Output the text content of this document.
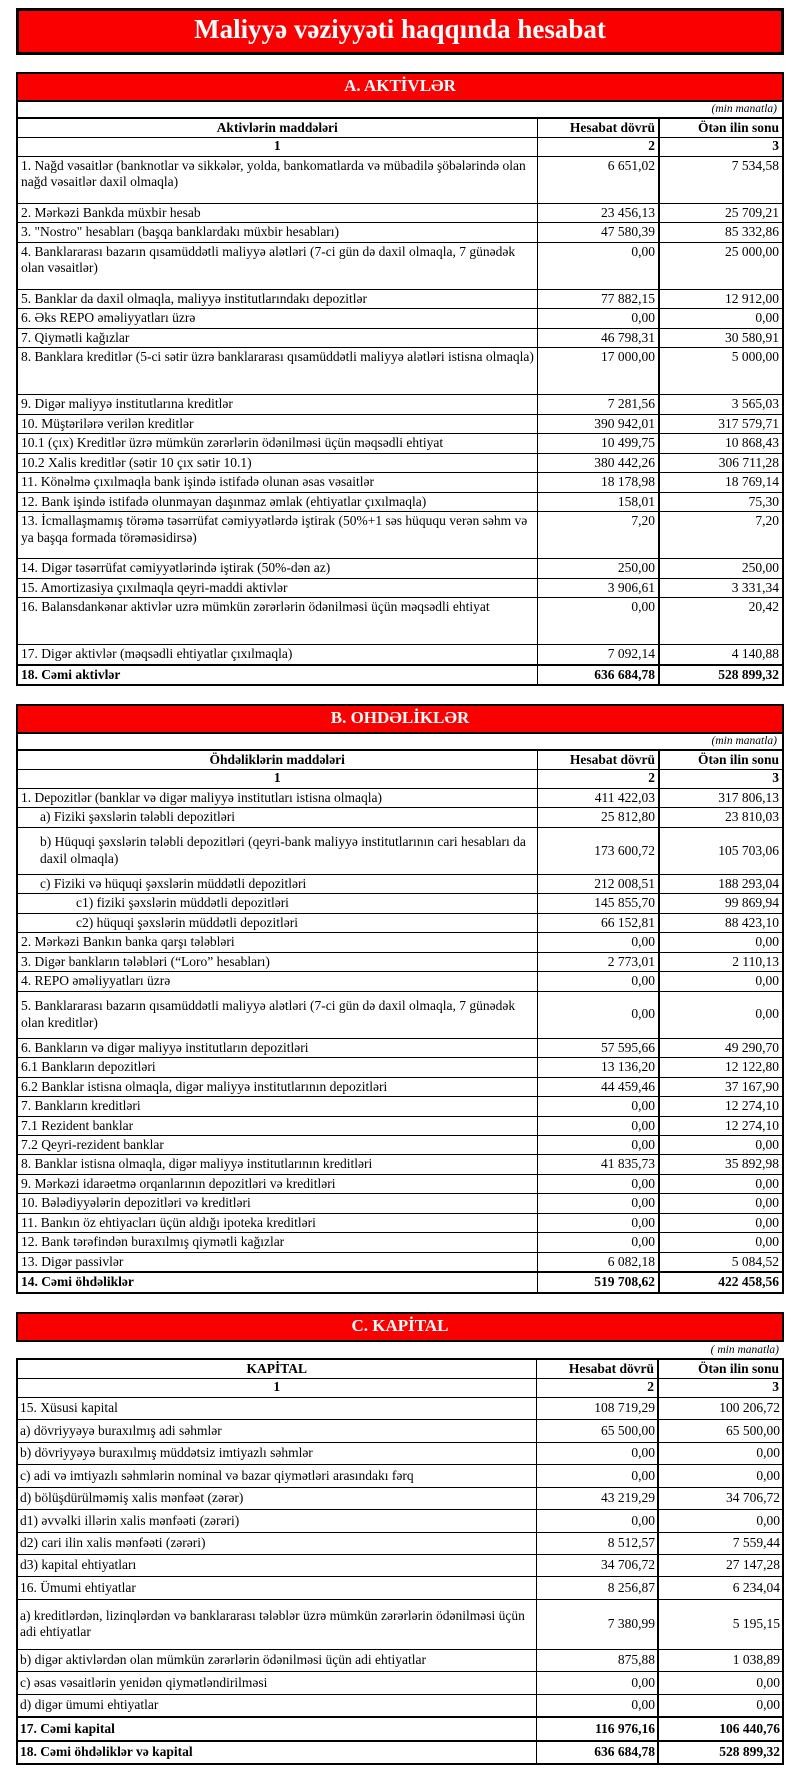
Maliyyə vəziyyəti haqqında hesabat
A. AKTİVLƏR
(min manatla)
Aktivlərin maddələri	Hesabat dövrü	Ötən ilin sonu
1	2	3
1. Nağd vəsaitlər (banknotlar və sikkələr, yolda, bankomatlarda və mübadilə şöbələrində olan nağd vəsaitlər daxil olmaqla)	6 651,02	7 534,58
2. Mərkəzi Bankda müxbir hesab	23 456,13	25 709,21
3. "Nostro" hesabları (başqa banklardakı müxbir hesabları)	47 580,39	85 332,86
4. Banklararası bazarın qısamüddətli maliyyə alətləri (7-ci gün də daxil olmaqla, 7 günədək olan vəsaitlər)	0,00	25 000,00
5. Banklar da daxil olmaqla, maliyyə institutlarındakı depozitlər	77 882,15	12 912,00
6. Əks REPO əməliyyatları üzrə	0,00	0,00
7. Qiymətli kağızlar	46 798,31	30 580,91
8. Banklara kreditlər (5-ci sətir üzrə banklararası qısamüddətli maliyyə alətləri istisna olmaqla)	17 000,00	5 000,00
9. Digər maliyyə institutlarına kreditlər	7 281,56	3 565,03
10. Müştərilərə verilən kreditlər	390 942,01	317 579,71
10.1 (çıx) Kreditlər üzrə mümkün zərərlərin ödənilməsi üçün məqsədli ehtiyat	10 499,75	10 868,43
10.2 Xalis kreditlər (sətir 10 çıx sətir 10.1)	380 442,26	306 711,28
11. Könəlmə çıxılmaqla bank işində istifadə olunan əsas vəsaitlər	18 178,98	18 769,14
12. Bank işində istifadə olunmayan daşınmaz əmlak (ehtiyatlar çıxılmaqla)	158,01	75,30
13. İcmallaşmamış törəmə təsərrüfat cəmiyyətlərdə iştirak (50%+1 səs hüququ verən səhm və ya başqa formada törəməsidirsə)	7,20	7,20
14. Digər təsərrüfat cəmiyyətlərində iştirak (50%-dən az)	250,00	250,00
15. Amortizasiya çıxılmaqla qeyri-maddi aktivlər	3 906,61	3 331,34
16. Balansdankənar aktivlər uzrə mümkün zərərlərin ödənilməsi üçün məqsədli ehtiyat	0,00	20,42
17. Digər aktivlər (məqsədli ehtiyatlar çıxılmaqla)	7 092,14	4 140,88
18. Cəmi aktivlər	636 684,78	528 899,32
B. OHDƏLİKLƏR
(min manatla)
Öhdəliklərin maddələri	Hesabat dövrü	Ötən ilin sonu
1	2	3
1. Depozitlər (banklar və digər maliyyə institutları istisna olmaqla)	411 422,03	317 806,13
a) Fiziki şəxslərin tələbli depozitləri	25 812,80	23 810,03
b) Hüquqi şəxslərin tələbli depozitləri (qeyri-bank maliyyə institutlarının cari hesabları da daxil olmaqla)	173 600,72	105 703,06
c) Fiziki və hüquqi şəxslərin müddətli depozitləri	212 008,51	188 293,04
c1) fiziki şəxslərin müddətli depozitləri	145 855,70	99 869,94
c2) hüquqi şəxslərin müddətli depozitləri	66 152,81	88 423,10
2. Mərkəzi Bankın banka qarşı tələbləri	0,00	0,00
3. Digər bankların tələbləri (“Loro” hesabları)	2 773,01	2 110,13
4. REPO əməliyyatları üzrə	0,00	0,00
5. Banklararası bazarın qısamüddətli maliyyə alətləri (7-ci gün də daxil olmaqla, 7 günədək olan kreditlər)	0,00	0,00
6. Bankların və digər maliyyə institutların depozitləri	57 595,66	49 290,70
6.1 Bankların depozitləri	13 136,20	12 122,80
6.2 Banklar istisna olmaqla, digər maliyyə institutlarının depozitləri	44 459,46	37 167,90
7. Bankların kreditləri	0,00	12 274,10
7.1 Rezident banklar	0,00	12 274,10
7.2 Qeyri-rezident banklar	0,00	0,00
8. Banklar istisna olmaqla, digər maliyyə institutlarının kreditləri	41 835,73	35 892,98
9. Mərkəzi idarəetmə orqanlarının depozitləri və kreditləri	0,00	0,00
10. Bələdiyyələrin depozitləri və kreditləri	0,00	0,00
11. Bankın öz ehtiyacları üçün aldığı ipoteka kreditləri	0,00	0,00
12. Bank tərəfindən buraxılmış qiymətli kağızlar	0,00	0,00
13. Digər passivlər	6 082,18	5 084,52
14. Cəmi öhdəliklər	519 708,62	422 458,56
C. KAPİTAL
( min manatla)
KAPİTAL	Hesabat dövrü	Ötən ilin sonu
1	2	3
15. Xüsusi kapital	108 719,29	100 206,72
a) dövriyyəyə buraxılmış adi səhmlər	65 500,00	65 500,00
b) dövriyyəyə buraxılmış müddətsiz imtiyazlı səhmlər	0,00	0,00
c) adi və imtiyazlı səhmlərin nominal və bazar qiymətləri arasındakı fərq	0,00	0,00
d) bölüşdürülməmiş xalis mənfəət (zərər)	43 219,29	34 706,72
d1) əvvəlki illərin xalis mənfəəti (zərəri)	0,00	0,00
d2) cari ilin xalis mənfəəti (zərəri)	8 512,57	7 559,44
d3) kapital ehtiyatları	34 706,72	27 147,28
16. Ümumi ehtiyatlar	8 256,87	6 234,04
a) kreditlərdən, lizinqlərdən və banklararası tələblər üzrə mümkün zərərlərin ödənilməsi üçün adi ehtiyatlar	7 380,99	5 195,15
b) digər aktivlərdən olan mümkün zərərlərin ödənilməsi üçün adi ehtiyatlar	875,88	1 038,89
c) əsas vəsaitlərin yenidən qiymətləndirilməsi	0,00	0,00
d) digər ümumi ehtiyatlar	0,00	0,00
17. Cəmi kapital	116 976,16	106 440,76
18. Cəmi öhdəliklər və kapital	636 684,78	528 899,32
